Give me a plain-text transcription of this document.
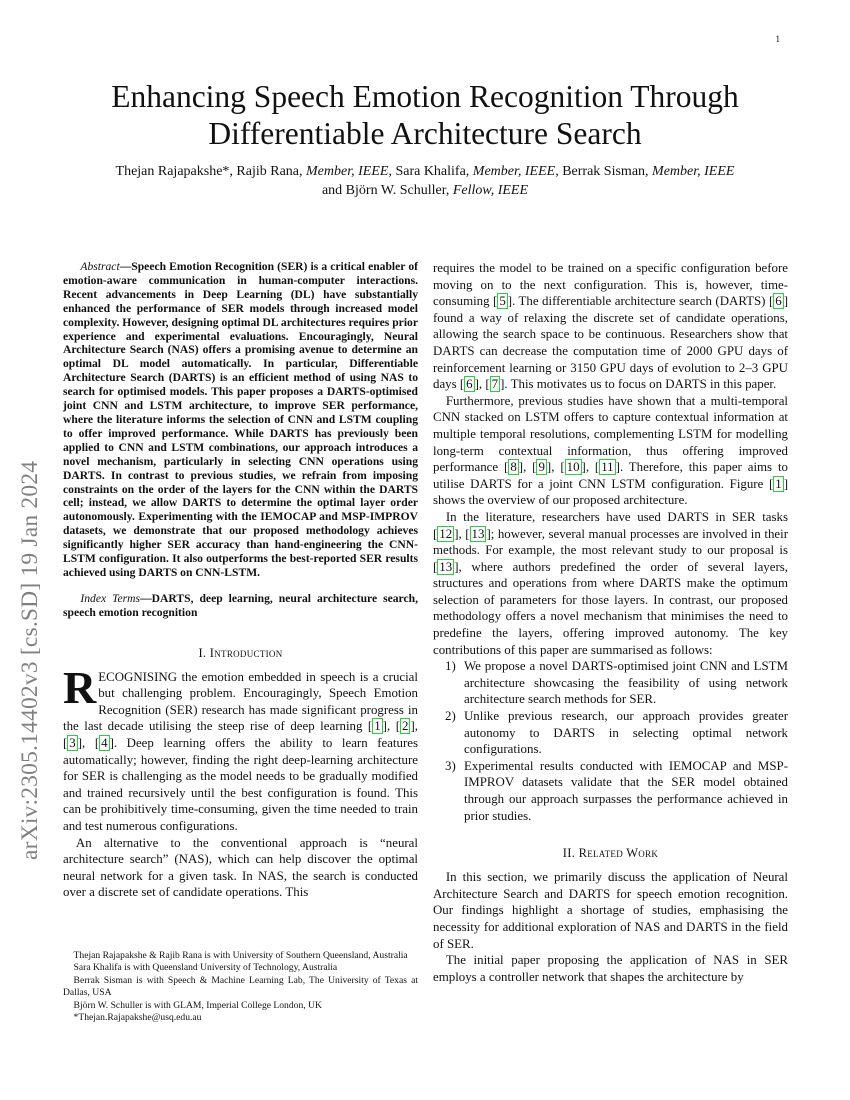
1
arXiv:2305.14402v3 [cs.SD] 19 Jan 2024
Enhancing Speech Emotion Recognition Through
Differentiable Architecture Search
Thejan Rajapakshe*, Rajib Rana, Member, IEEE, Sara Khalifa, Member, IEEE, Berrak Sisman, Member, IEEE
and Björn W. Schuller, Fellow, IEEE

Abstract—Speech Emotion Recognition (SER) is a critical enabler of emotion-aware communication in human-computer interactions. Recent advancements in Deep Learning (DL) have substantially enhanced the performance of SER models through increased model complexity. However, designing optimal DL architectures requires prior experience and experimental evaluations. Encouragingly, Neural Architecture Search (NAS) offers a promising avenue to determine an optimal DL model automatically. In particular, Differentiable Architecture Search (DARTS) is an efficient method of using NAS to search for optimised models. This paper proposes a DARTS-optimised joint CNN and LSTM architecture, to improve SER performance, where the literature informs the selection of CNN and LSTM coupling to offer improved performance. While DARTS has previously been applied to CNN and LSTM combinations, our approach introduces a novel mechanism, particularly in selecting CNN operations using DARTS. In contrast to previous studies, we refrain from imposing constraints on the order of the layers for the CNN within the DARTS cell; instead, we allow DARTS to determine the optimal layer order autonomously. Experimenting with the IEMOCAP and MSP-IMPROV datasets, we demonstrate that our proposed methodology achieves significantly higher SER accuracy than hand-engineering the CNN-LSTM configuration. It also outperforms the best-reported SER results achieved using DARTS on CNN-LSTM.

Index Terms—DARTS, deep learning, neural architecture search, speech emotion recognition

I. Introduction

RECOGNISING the emotion embedded in speech is a crucial but challenging problem. Encouragingly, Speech Emotion Recognition (SER) research has made significant progress in the last decade utilising the steep rise of deep learning [ 1 ], [ 2 ], [ 3 ], [ 4 ]. Deep learning offers the ability to learn features automatically; however, finding the right deep-learning architecture for SER is challenging as the model needs to be gradually modified and trained recursively until the best configuration is found. This can be prohibitively time-consuming, given the time needed to train and test numerous configurations.

An alternative to the conventional approach is “neural architecture search” (NAS), which can help discover the optimal neural network for a given task. In NAS, the search is conducted over a discrete set of candidate operations. This

requires the model to be trained on a specific configuration before moving on to the next configuration. This is, however, time-consuming [ 5 ]. The differentiable architecture search (DARTS) [ 6 ] found a way of relaxing the discrete set of candidate operations, allowing the search space to be continuous. Researchers show that DARTS can decrease the computation time of 2000 GPU days of reinforcement learning or 3150 GPU days of evolution to 2–3 GPU days [ 6 ], [ 7 ]. This motivates us to focus on DARTS in this paper.

Furthermore, previous studies have shown that a multi-temporal CNN stacked on LSTM offers to capture contextual information at multiple temporal resolutions, complementing LSTM for modelling long-term contextual information, thus offering improved performance [ 8 ], [ 9 ], [ 10 ], [ 11 ]. Therefore, this paper aims to utilise DARTS for a joint CNN LSTM configuration. Figure [ 1 ] shows the overview of our proposed architecture.

In the literature, researchers have used DARTS in SER tasks [ 12 ], [ 13 ]; however, several manual processes are involved in their methods. For example, the most relevant study to our proposal is [ 13 ], where authors predefined the order of several layers, structures and operations from where DARTS make the optimum selection of parameters for those layers. In contrast, our proposed methodology offers a novel mechanism that minimises the need to predefine the layers, offering improved autonomy. The key contributions of this paper are summarised as follows:

1) We propose a novel DARTS-optimised joint CNN and LSTM architecture showcasing the feasibility of using network architecture search methods for SER.
2) Unlike previous research, our approach provides greater autonomy to DARTS in selecting optimal network configurations.
3) Experimental results conducted with IEMOCAP and MSP-IMPROV datasets validate that the SER model obtained through our approach surpasses the performance achieved in prior studies.
II. Related Work

In this section, we primarily discuss the application of Neural Architecture Search and DARTS for speech emotion recognition. Our findings highlight a shortage of studies, emphasising the necessity for additional exploration of NAS and DARTS in the field of SER.

The initial paper proposing the application of NAS in SER employs a controller network that shapes the architecture by

Thejan Rajapakshe & Rajib Rana is with University of Southern Queensland, Australia

Sara Khalifa is with Queensland University of Technology, Australia

Berrak Sisman is with Speech & Machine Learning Lab, The University of Texas at Dallas, USA

Björn W. Schuller is with GLAM, Imperial College London, UK

*Thejan.Rajapakshe@usq.edu.au
